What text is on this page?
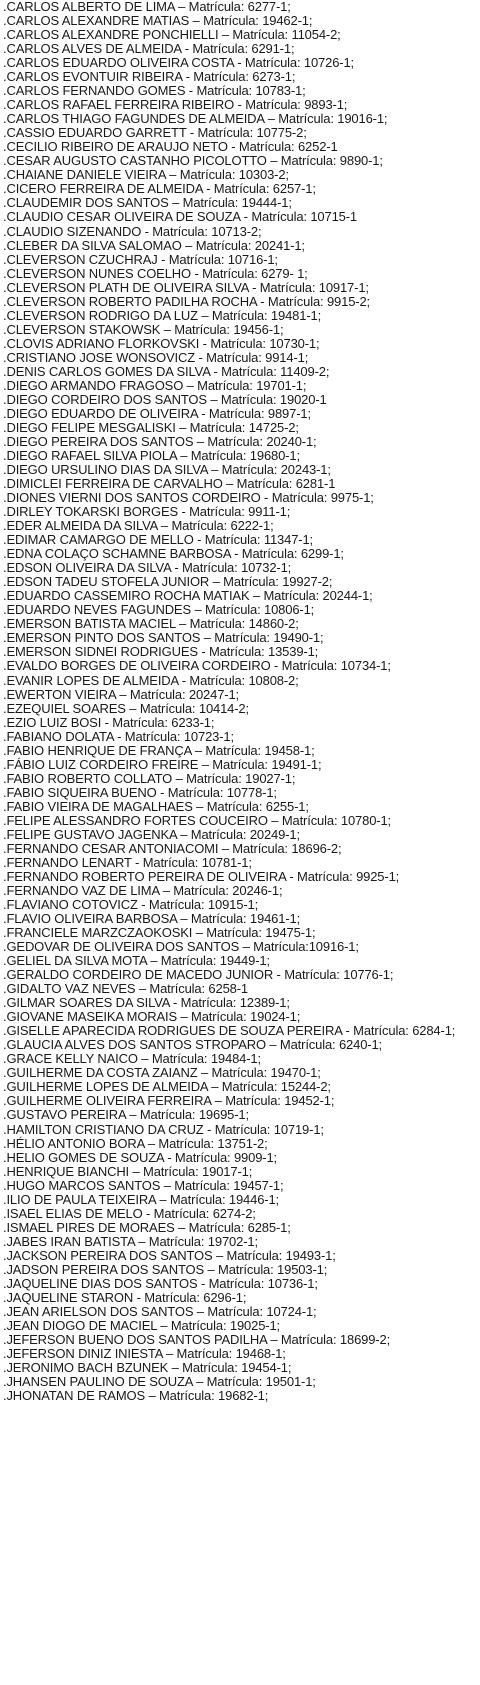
.CARLOS ALBERTO DE LIMA – Matrícula: 6277-1;
.CARLOS ALEXANDRE MATIAS – Matrícula: 19462-1;
.CARLOS ALEXANDRE PONCHIELLI – Matrícula: 11054-2;
.CARLOS ALVES DE ALMEIDA - Matrícula: 6291-1;
.CARLOS EDUARDO OLIVEIRA COSTA - Matrícula: 10726-1;
.CARLOS EVONTUIR RIBEIRA - Matrícula: 6273-1;
.CARLOS FERNANDO GOMES - Matrícula: 10783-1;
.CARLOS RAFAEL FERREIRA RIBEIRO - Matrícula: 9893-1;
.CARLOS THIAGO FAGUNDES DE ALMEIDA – Matrícula: 19016-1;
.CASSIO EDUARDO GARRETT - Matrícula: 10775-2;
.CECILIO RIBEIRO DE ARAUJO NETO - Matrícula: 6252-1
.CESAR AUGUSTO CASTANHO PICOLOTTO – Matrícula: 9890-1;
.CHAIANE DANIELE VIEIRA – Matrícula: 10303-2;
.CICERO FERREIRA DE ALMEIDA - Matrícula: 6257-1;
.CLAUDEMIR DOS SANTOS – Matrícula: 19444-1;
.CLAUDIO CESAR OLIVEIRA DE SOUZA - Matrícula: 10715-1
.CLAUDIO SIZENANDO - Matrícula: 10713-2;
.CLEBER DA SILVA SALOMAO – Matrícula: 20241-1;
.CLEVERSON CZUCHRAJ - Matrícula: 10716-1;
.CLEVERSON NUNES COELHO - Matrícula: 6279- 1;
.CLEVERSON PLATH DE OLIVEIRA SILVA - Matrícula: 10917-1;
.CLEVERSON ROBERTO PADILHA ROCHA - Matrícula: 9915-2;
.CLEVERSON RODRIGO DA LUZ – Matrícula: 19481-1;
.CLEVERSON STAKOWSK – Matrícula: 19456-1;
.CLOVIS ADRIANO FLORKOVSKI - Matrícula: 10730-1;
.CRISTIANO JOSE WONSOVICZ - Matrícula: 9914-1;
.DENIS CARLOS GOMES DA SILVA - Matrícula: 11409-2;
.DIEGO ARMANDO FRAGOSO – Matrícula: 19701-1;
.DIEGO CORDEIRO DOS SANTOS – Matrícula: 19020-1
.DIEGO EDUARDO DE OLIVEIRA - Matrícula: 9897-1;
.DIEGO FELIPE MESGALISKI – Matrícula: 14725-2;
.DIEGO PEREIRA DOS SANTOS – Matrícula: 20240-1;
.DIEGO RAFAEL SILVA PIOLA – Matrícula: 19680-1;
.DIEGO URSULINO DIAS DA SILVA – Matrícula: 20243-1;
.DIMICLEI FERREIRA DE CARVALHO – Matrícula: 6281-1
.DIONES VIERNI DOS SANTOS CORDEIRO - Matrícula: 9975-1;
.DIRLEY TOKARSKI BORGES - Matrícula: 9911-1;
.EDER ALMEIDA DA SILVA – Matrícula: 6222-1;
.EDIMAR CAMARGO DE MELLO - Matrícula: 11347-1;
.EDNA COLAÇO SCHAMNE BARBOSA - Matrícula: 6299-1;
.EDSON OLIVEIRA DA SILVA - Matrícula: 10732-1;
.EDSON TADEU STOFELA JUNIOR – Matrícula: 19927-2;
.EDUARDO CASSEMIRO ROCHA MATIAK – Matrícula: 20244-1;
.EDUARDO NEVES FAGUNDES – Matrícula: 10806-1;
.EMERSON BATISTA MACIEL – Matrícula: 14860-2;
.EMERSON PINTO DOS SANTOS – Matrícula: 19490-1;
.EMERSON SIDNEI RODRIGUES - Matrícula: 13539-1;
.EVALDO BORGES DE OLIVEIRA CORDEIRO - Matrícula: 10734-1;
.EVANIR LOPES DE ALMEIDA - Matrícula: 10808-2;
.EWERTON VIEIRA – Matrícula: 20247-1;
.EZEQUIEL SOARES – Matrícula: 10414-2;
.EZIO LUIZ BOSI - Matrícula: 6233-1;
.FABIANO DOLATA - Matrícula: 10723-1;
.FABIO HENRIQUE DE FRANÇA – Matrícula: 19458-1;
.FÁBIO LUIZ CORDEIRO FREIRE – Matrícula: 19491-1;
.FABIO ROBERTO COLLATO – Matrícula: 19027-1;
.FABIO SIQUEIRA BUENO - Matrícula: 10778-1;
.FABIO VIEIRA DE MAGALHAES – Matrícula: 6255-1;
.FELIPE ALESSANDRO FORTES COUCEIRO – Matrícula: 10780-1;
.FELIPE GUSTAVO JAGENKA – Matrícula: 20249-1;
.FERNANDO CESAR ANTONIACOMI – Matrícula: 18696-2;
.FERNANDO LENART - Matrícula: 10781-1;
.FERNANDO ROBERTO PEREIRA DE OLIVEIRA - Matrícula: 9925-1;
.FERNANDO VAZ DE LIMA – Matrícula: 20246-1;
.FLAVIANO COTOVICZ - Matrícula: 10915-1;
.FLAVIO OLIVEIRA BARBOSA – Matrícula: 19461-1;
.FRANCIELE MARZCZAOKOSKI – Matrícula: 19475-1;
.GEDOVAR DE OLIVEIRA DOS SANTOS – Matrícula:10916-1;
.GELIEL DA SILVA MOTA – Matrícula: 19449-1;
.GERALDO CORDEIRO DE MACEDO JUNIOR - Matrícula: 10776-1;
.GIDALTO VAZ NEVES – Matrícula: 6258-1
.GILMAR SOARES DA SILVA - Matrícula: 12389-1;
.GIOVANE MASEIKA MORAIS – Matrícula: 19024-1;
.GISELLE APARECIDA RODRIGUES DE SOUZA PEREIRA - Matrícula: 6284-1;
.GLAUCIA ALVES DOS SANTOS STROPARO – Matrícula: 6240-1;
.GRACE KELLY NAICO – Matrícula: 19484-1;
.GUILHERME DA COSTA ZAIANZ – Matrícula: 19470-1;
.GUILHERME LOPES DE ALMEIDA – Matrícula: 15244-2;
.GUILHERME OLIVEIRA FERREIRA – Matrícula: 19452-1;
.GUSTAVO PEREIRA – Matrícula: 19695-1;
.HAMILTON CRISTIANO DA CRUZ - Matrícula: 10719-1;
.HÉLIO ANTONIO BORA – Matrícula: 13751-2;
.HELIO GOMES DE SOUZA - Matrícula: 9909-1;
.HENRIQUE BIANCHI – Matrícula: 19017-1;
.HUGO MARCOS SANTOS – Matrícula: 19457-1;
.ILIO DE PAULA TEIXEIRA – Matrícula: 19446-1;
.ISAEL ELIAS DE MELO - Matrícula: 6274-2;
.ISMAEL PIRES DE MORAES – Matrícula: 6285-1;
.JABES IRAN BATISTA – Matrícula: 19702-1;
.JACKSON PEREIRA DOS SANTOS – Matrícula: 19493-1;
.JADSON PEREIRA DOS SANTOS – Matrícula: 19503-1;
.JAQUELINE DIAS DOS SANTOS - Matrícula: 10736-1;
.JAQUELINE STARON - Matrícula: 6296-1;
.JEAN ARIELSON DOS SANTOS – Matrícula: 10724-1;
.JEAN DIOGO DE MACIEL – Matrícula: 19025-1;
.JEFERSON BUENO DOS SANTOS PADILHA – Matrícula: 18699-2;
.JEFERSON DINIZ INIESTA – Matrícula: 19468-1;
.JERONIMO BACH BZUNEK – Matrícula: 19454-1;
.JHANSEN PAULINO DE SOUZA – Matrícula: 19501-1;
.JHONATAN DE RAMOS – Matrícula: 19682-1;
